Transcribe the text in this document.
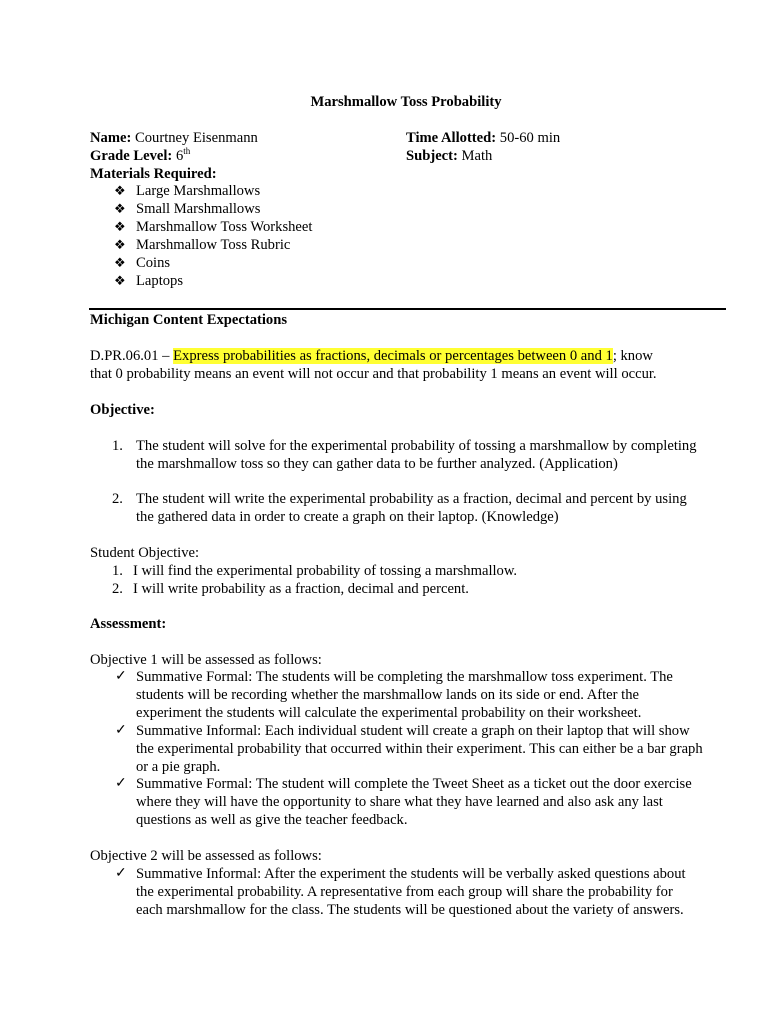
Marshmallow Toss Probability
Name: Courtney Eisenmann
Grade Level: 6th
Time Allotted: 50-60 min
Subject: Math
Materials Required:
❖ Large Marshmallows
❖ Small Marshmallows
❖ Marshmallow Toss Worksheet
❖ Marshmallow Toss Rubric
❖ Coins
❖ Laptops
Michigan Content Expectations
D.PR.06.01 – Express probabilities as fractions, decimals or percentages between 0 and 1; know
that 0 probability means an event will not occur and that probability 1 means an event will occur.
Objective:
1. The student will solve for the experimental probability of tossing a marshmallow by completing
the marshmallow toss so they can gather data to be further analyzed. (Application)
2. The student will write the experimental probability as a fraction, decimal and percent by using
the gathered data in order to create a graph on their laptop. (Knowledge)
Student Objective:
1. I will find the experimental probability of tossing a marshmallow.
2. I will write probability as a fraction, decimal and percent.
Assessment:
Objective 1 will be assessed as follows:
✓ Summative Formal: The students will be completing the marshmallow toss experiment. The
students will be recording whether the marshmallow lands on its side or end. After the
experiment the students will calculate the experimental probability on their worksheet.
✓ Summative Informal: Each individual student will create a graph on their laptop that will show
the experimental probability that occurred within their experiment. This can either be a bar graph
or a pie graph.
✓ Summative Formal: The student will complete the Tweet Sheet as a ticket out the door exercise
where they will have the opportunity to share what they have learned and also ask any last
questions as well as give the teacher feedback.
Objective 2 will be assessed as follows:
✓ Summative Informal: After the experiment the students will be verbally asked questions about
the experimental probability. A representative from each group will share the probability for
each marshmallow for the class. The students will be questioned about the variety of answers.
